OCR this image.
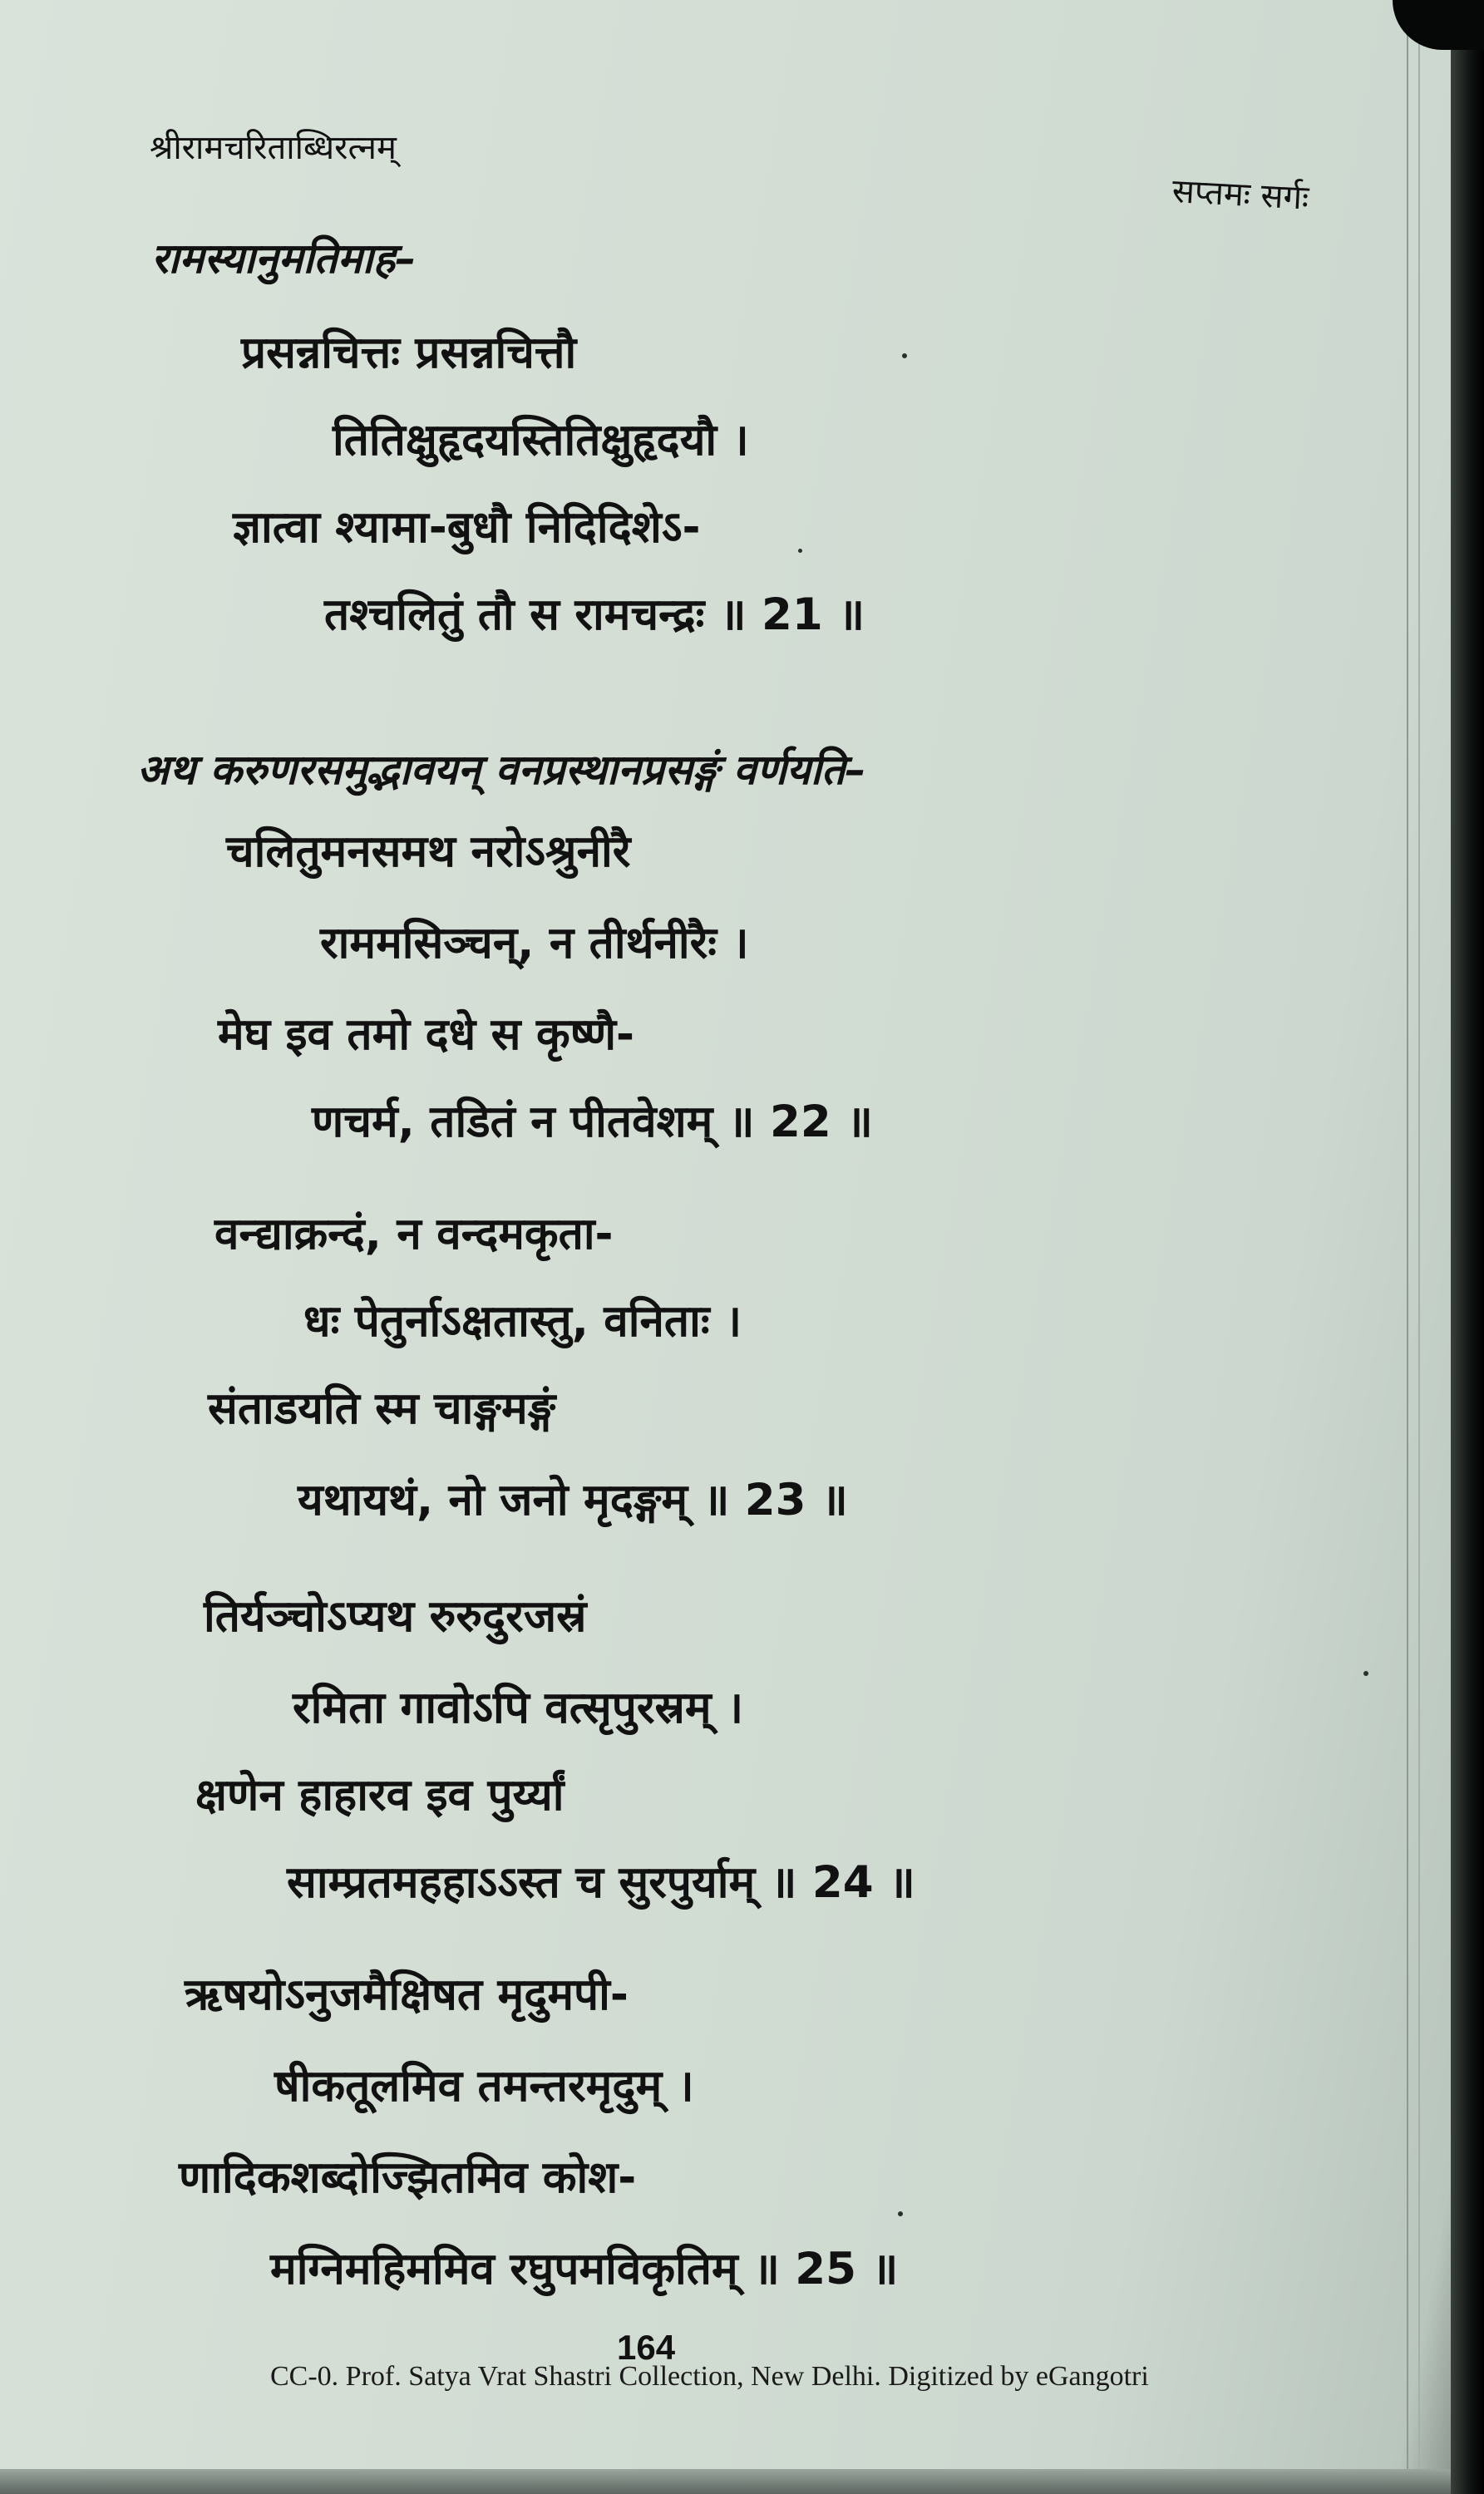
श्रीरामचरिताब्धिरत्नम्
सप्तमः सर्गः
रामस्यानुमतिमाह–
प्रसन्नचित्तः प्रसन्नचित्तौ
तितिक्षुहृदयस्तितिक्षुहृदयौ ।
ज्ञात्वा श्यामा-बुधौ निदिदिशेऽ-
तश्चलितुं तौ स रामचन्द्रः ॥ 21 ॥
अथ करुणरसमुद्भावयन् वनप्रस्थानप्रसङ्गं वर्णयति–
चलितुमनसमथ नरोऽश्रुनीरै
राममसिञ्चन्, न तीर्थनीरैः ।
मेघ इव तमो दधे स कृष्णै-
णचर्म, तडितं न पीतवेशम् ॥ 22 ॥
वन्द्याक्रन्दं, न वन्दमकृता-
धः पेतुर्नाऽक्षतास्तु, वनिताः ।
संताडयति स्म चाङ्गमङ्गं
यथायथं, नो जनो मृदङ्गम् ॥ 23 ॥
तिर्यञ्चोऽप्यथ रुरुदुरजस्रं
रमिता गावोऽपि वत्सृपुरस्रम् ।
क्षणेन हाहारव इव पुर्य्यां
साम्प्रतमहहाऽऽस्त च सुरपुर्याम् ॥ 24 ॥
ऋषयोऽनुजमैक्षिषत मृदुमपी-
षीकतूलमिव तमन्तरमृदुम् ।
णादिकशब्दोज्झितमिव कोश-
मग्निमहिममिव रघुपमविकृतिम् ॥ 25 ॥
164
CC-0. Prof. Satya Vrat Shastri Collection, New Delhi. Digitized by eGangotri
